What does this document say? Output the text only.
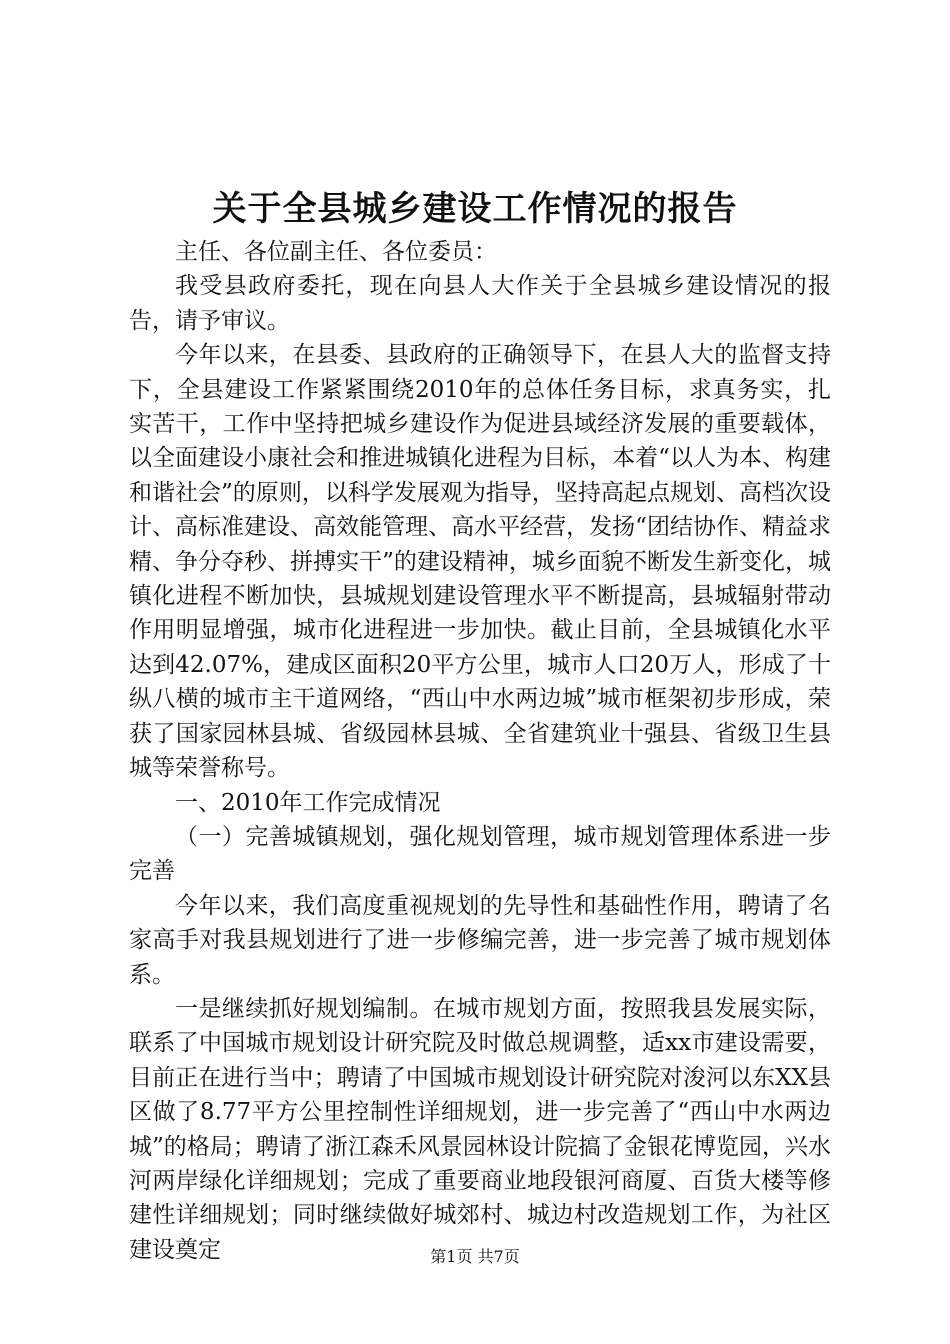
关于全县城乡建设工作情况的报告

主任、各位副主任、各位委员：

我受县政府委托，现在向县人大作关于全县城乡建设情况的报告，请予审议。

今年以来，在县委、县政府的正确领导下，在县人大的监督支持下，全县建设工作紧紧围绕2010年的总体任务目标，求真务实，扎实苦干，工作中坚持把城乡建设作为促进县域经济发展的重要载体，以全面建设小康社会和推进城镇化进程为目标，本着“以人为本、构建和谐社会”的原则，以科学发展观为指导，坚持高起点规划、高档次设计、高标准建设、高效能管理、高水平经营，发扬“团结协作、精益求精、争分夺秒、拼搏实干”的建设精神，城乡面貌不断发生新变化，城镇化进程不断加快，县城规划建设管理水平不断提高，县城辐射带动作用明显增强，城市化进程进一步加快。截止目前，全县城镇化水平达到42.07%，建成区面积20平方公里，城市人口20万人，形成了十纵八横的城市主干道网络，“西山中水两边城”城市框架初步形成，荣获了国家园林县城、省级园林县城、全省建筑业十强县、省级卫生县城等荣誉称号。

一、2010年工作完成情况

（一）完善城镇规划，强化规划管理，城市规划管理体系进一步完善

今年以来，我们高度重视规划的先导性和基础性作用，聘请了名家高手对我县规划进行了进一步修编完善，进一步完善了城市规划体系。

一是继续抓好规划编制。在城市规划方面，按照我县发展实际，联系了中国城市规划设计研究院及时做总规调整，适xx市建设需要，目前正在进行当中；聘请了中国城市规划设计研究院对浚河以东XX县区做了8.77平方公里控制性详细规划，进一步完善了“西山中水两边城”的格局；聘请了浙江森禾风景园林设计院搞了金银花博览园，兴水河两岸绿化详细规划；完成了重要商业地段银河商厦、百货大楼等修建性详细规划；同时继续做好城郊村、城边村改造规划工作，为社区建设奠定	第1页 共7页
